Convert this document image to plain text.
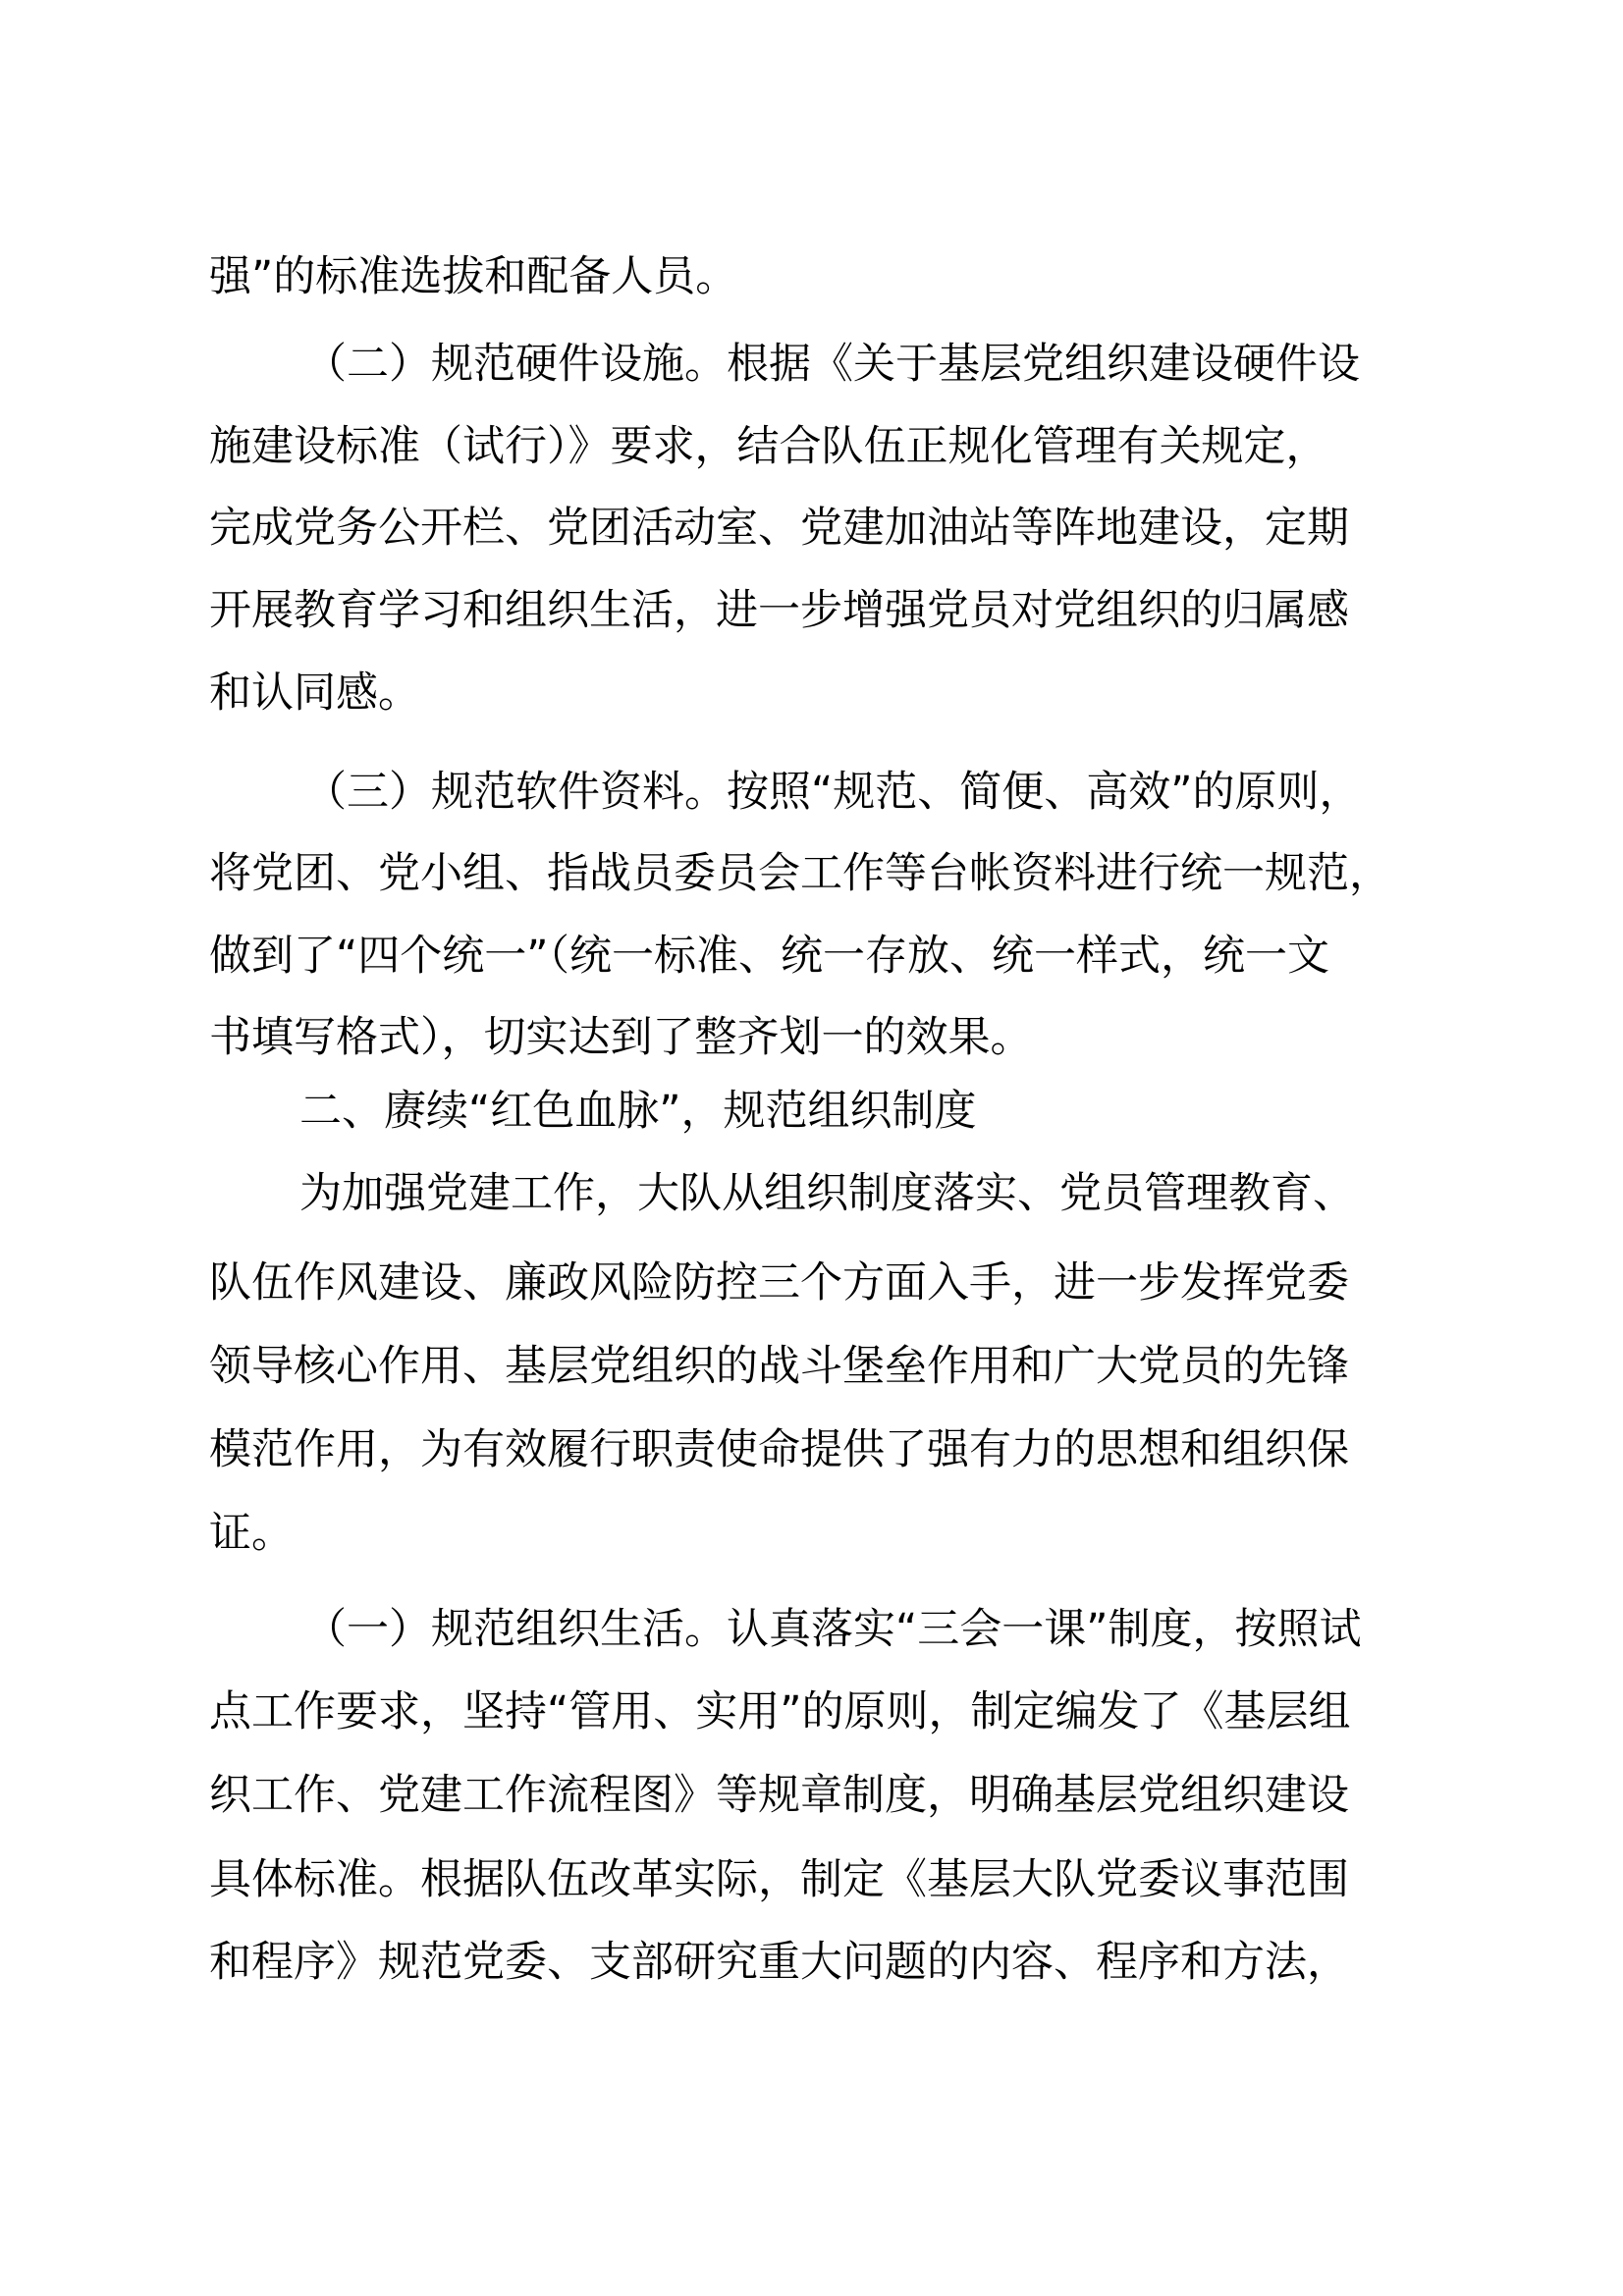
强”的标准选拔和配备人员。
（二）规范硬件设施。根据《关于基层党组织建设硬件设
施建设标准（试行）》要求，结合队伍正规化管理有关规定，
完成党务公开栏、党团活动室、党建加油站等阵地建设，定期
开展教育学习和组织生活，进一步增强党员对党组织的归属感
和认同感。
（三）规范软件资料。按照“规范、简便、高效”的原则，
将党团、党小组、指战员委员会工作等台帐资料进行统一规范，
做到了“四个统一”（统一标准、统一存放、统一样式，统一文
书填写格式），切实达到了整齐划一的效果。
二、赓续“红色血脉”，规范组织制度
为加强党建工作，大队从组织制度落实、党员管理教育、
队伍作风建设、廉政风险防控三个方面入手，进一步发挥党委
领导核心作用、基层党组织的战斗堡垒作用和广大党员的先锋
模范作用，为有效履行职责使命提供了强有力的思想和组织保
证。
（一）规范组织生活。认真落实“三会一课”制度，按照试
点工作要求，坚持“管用、实用”的原则，制定编发了《基层组
织工作、党建工作流程图》等规章制度，明确基层党组织建设
具体标准。根据队伍改革实际，制定《基层大队党委议事范围
和程序》规范党委、支部研究重大问题的内容、程序和方法，
